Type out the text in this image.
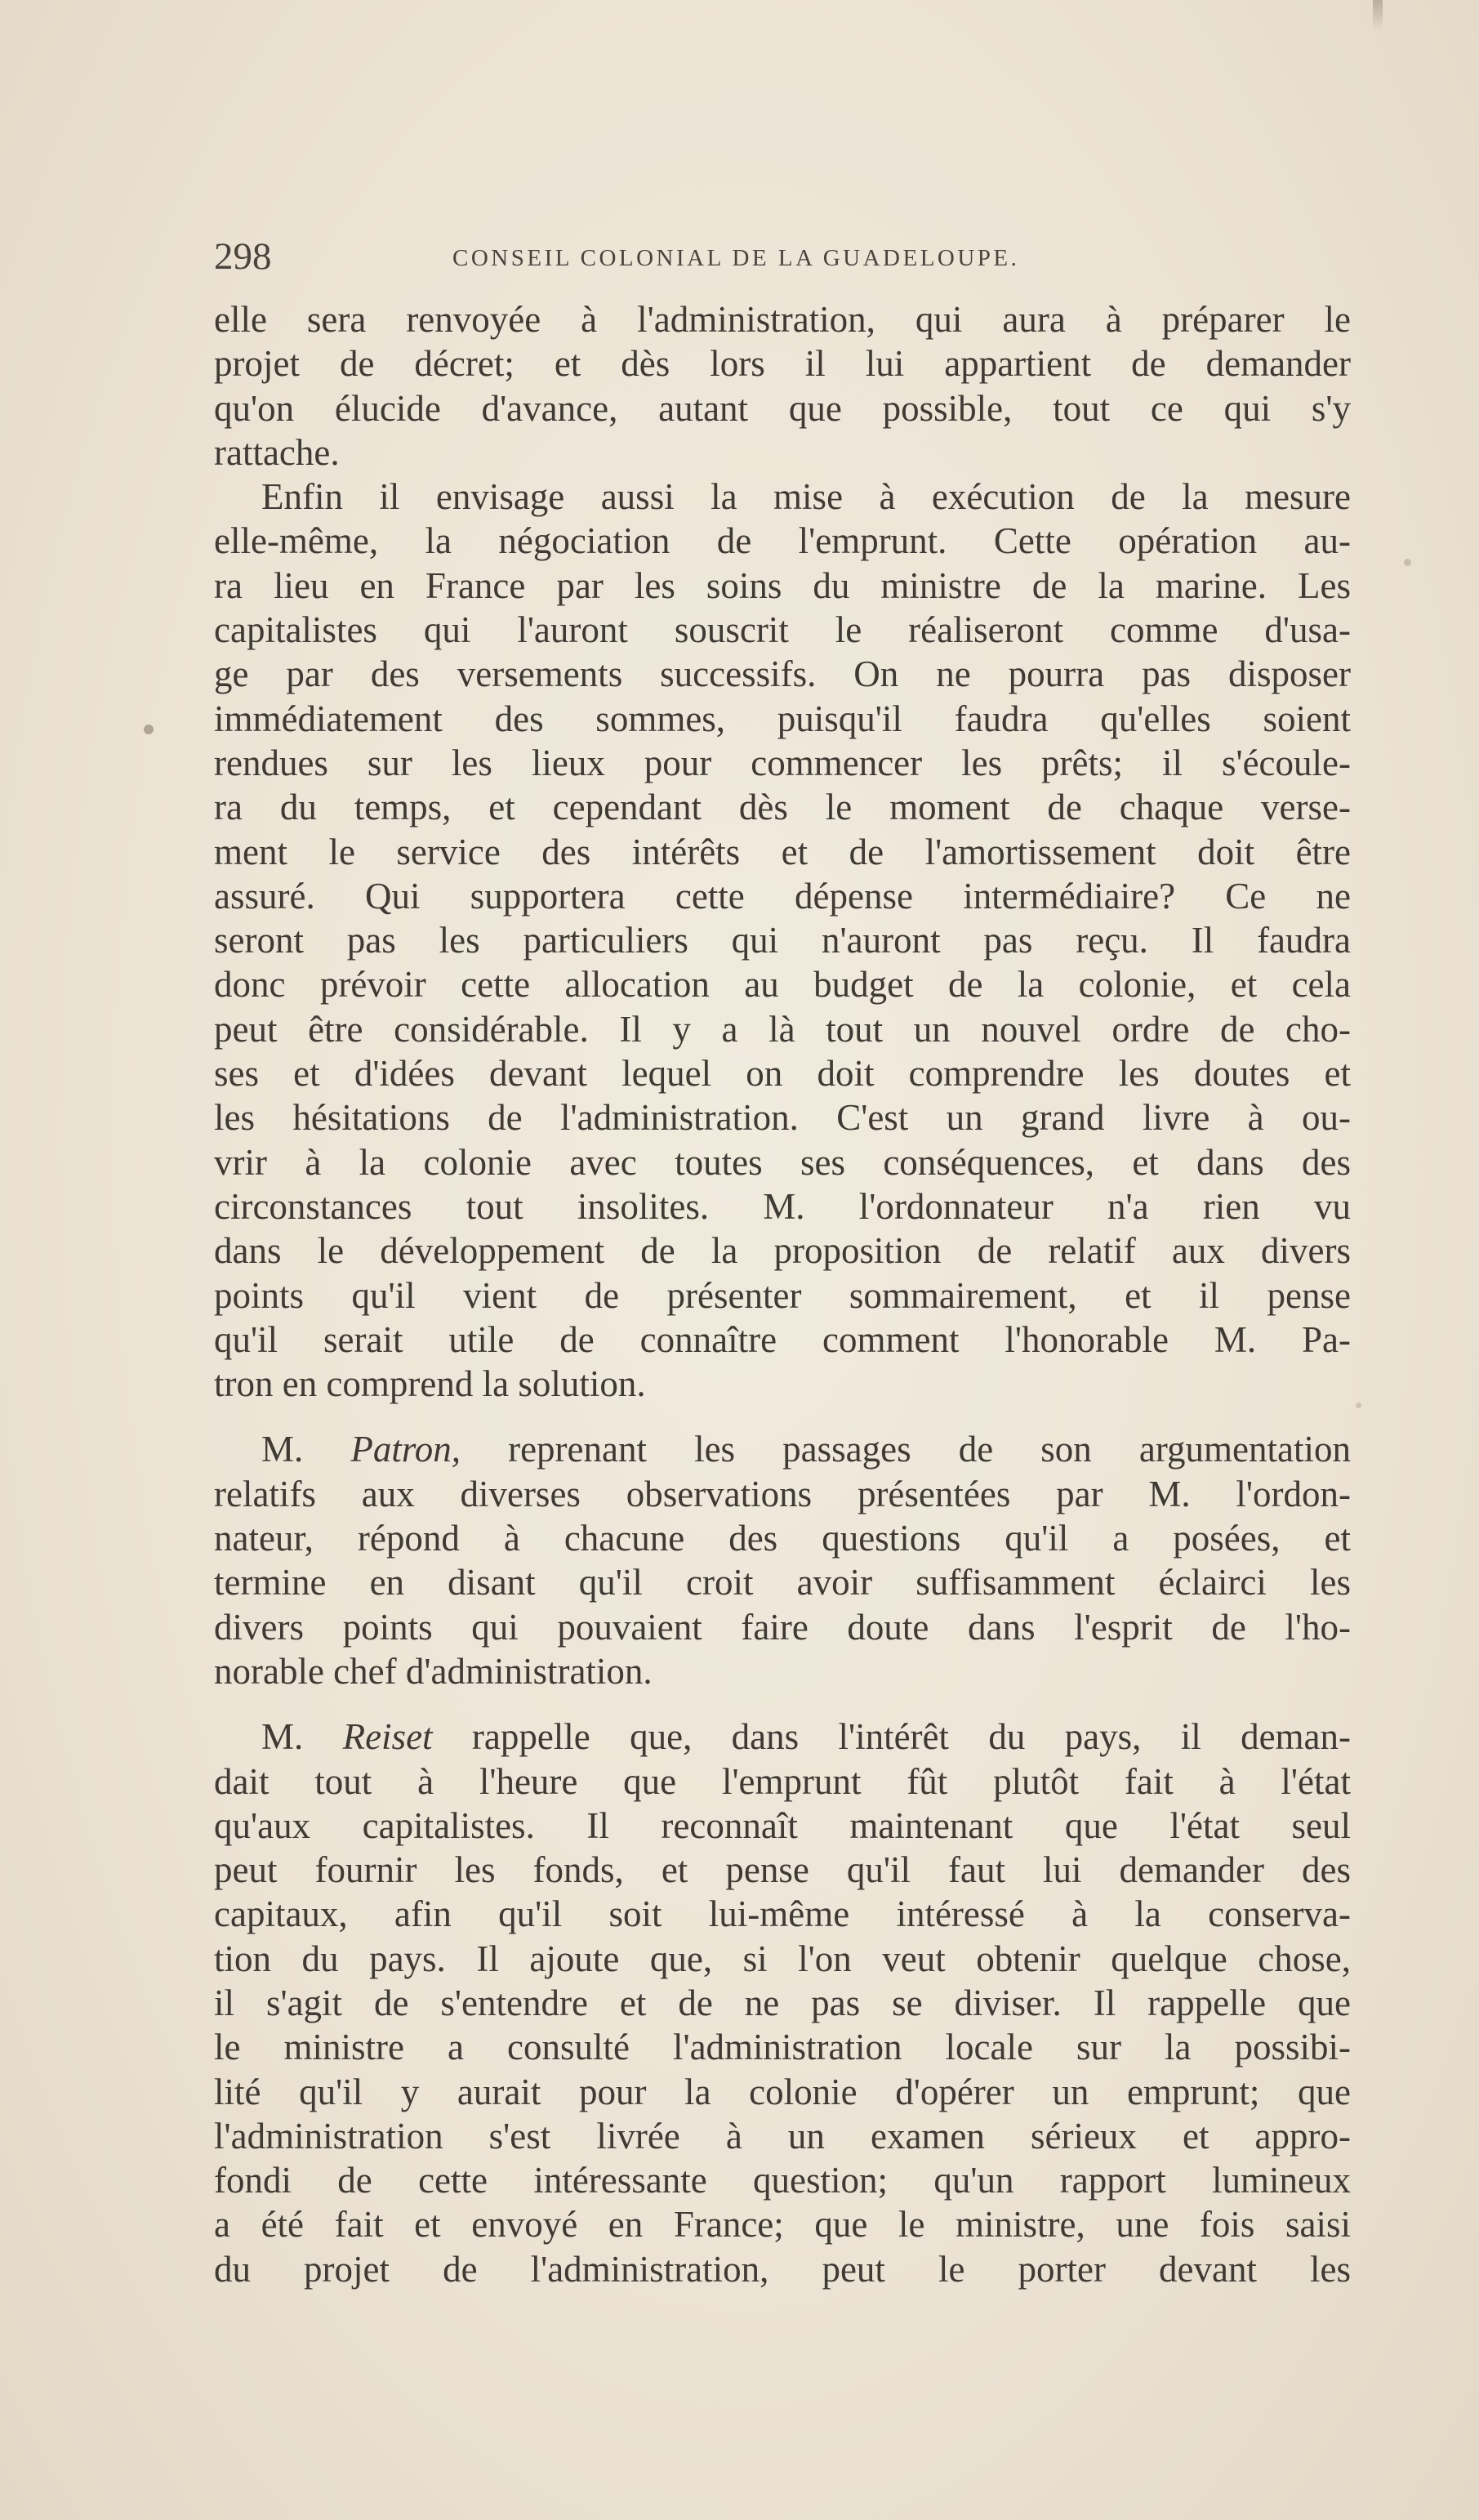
298	CONSEIL COLONIAL DE LA GUADELOUPE.
elle sera renvoyée à l'administration, qui aura à préparer le
projet de décret; et dès lors il lui appartient de demander
qu'on élucide d'avance, autant que possible, tout ce qui s'y
rattache.
Enfin il envisage aussi la mise à exécution de la mesure
elle-même, la négociation de l'emprunt. Cette opération au-
ra lieu en France par les soins du ministre de la marine. Les
capitalistes qui l'auront souscrit le réaliseront comme d'usa-
ge par des versements successifs. On ne pourra pas disposer
immédiatement des sommes, puisqu'il faudra qu'elles soient
rendues sur les lieux pour commencer les prêts; il s'écoule-
ra du temps, et cependant dès le moment de chaque verse-
ment le service des intérêts et de l'amortissement doit être
assuré. Qui supportera cette dépense intermédiaire? Ce ne
seront pas les particuliers qui n'auront pas reçu. Il faudra
donc prévoir cette allocation au budget de la colonie, et cela
peut être considérable. Il y a là tout un nouvel ordre de cho-
ses et d'idées devant lequel on doit comprendre les doutes et
les hésitations de l'administration. C'est un grand livre à ou-
vrir à la colonie avec toutes ses conséquences, et dans des
circonstances tout insolites. M. l'ordonnateur n'a rien vu
dans le développement de la proposition de relatif aux divers
points qu'il vient de présenter sommairement, et il pense
qu'il serait utile de connaître comment l'honorable M. Pa-
tron en comprend la solution.
M. Patron, reprenant les passages de son argumentation
relatifs aux diverses observations présentées par M. l'ordon-
nateur, répond à chacune des questions qu'il a posées, et
termine en disant qu'il croit avoir suffisamment éclairci les
divers points qui pouvaient faire doute dans l'esprit de l'ho-
norable chef d'administration.
M. Reiset rappelle que, dans l'intérêt du pays, il deman-
dait tout à l'heure que l'emprunt fût plutôt fait à l'état
qu'aux capitalistes. Il reconnaît maintenant que l'état seul
peut fournir les fonds, et pense qu'il faut lui demander des
capitaux, afin qu'il soit lui-même intéressé à la conserva-
tion du pays. Il ajoute que, si l'on veut obtenir quelque chose,
il s'agit de s'entendre et de ne pas se diviser. Il rappelle que
le ministre a consulté l'administration locale sur la possibi-
lité qu'il y aurait pour la colonie d'opérer un emprunt; que
l'administration s'est livrée à un examen sérieux et appro-
fondi de cette intéressante question; qu'un rapport lumineux
a été fait et envoyé en France; que le ministre, une fois saisi
du projet de l'administration, peut le porter devant les
